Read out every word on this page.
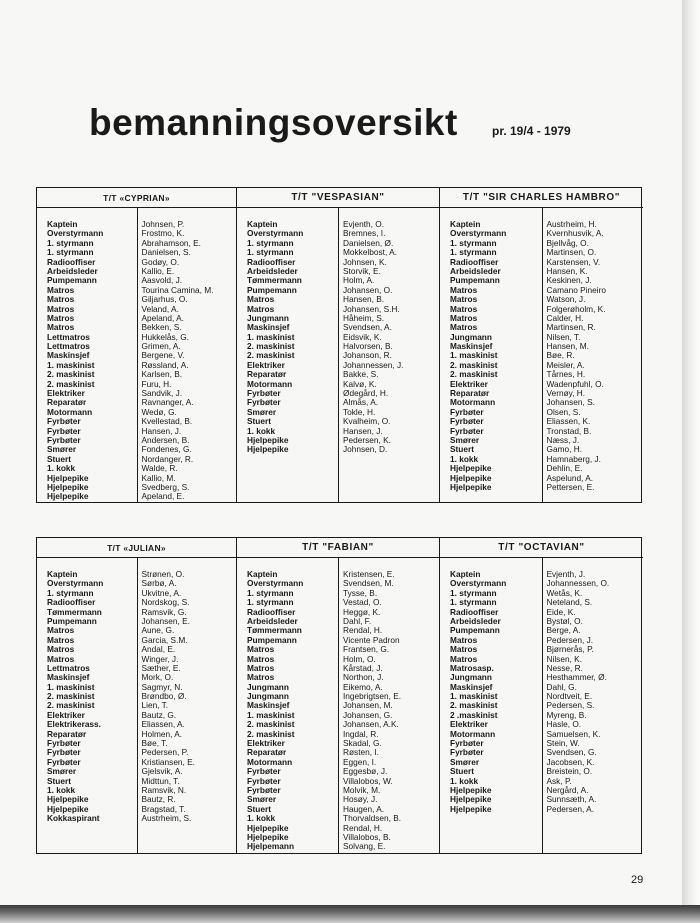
bemanningsoversikt	pr. 19/4 - 1979
T/T «CYPRIAN»
Kaptein
Overstyrmann
1. styrmann
1. styrmann
Radiooffiser
Arbeidsleder
Pumpemann
Matros
Matros
Matros
Matros
Matros
Lettmatros
Lettmatros
Maskinsjef
1. maskinist
2. maskinist
2. maskinist
Elektriker
Reparatør
Motormann
Fyrbøter
Fyrbøter
Fyrbøter
Smører
Stuert
1. kokk
Hjelpepike
Hjelpepike
Hjelpepike
Johnsen, P.
Frostmo, K.
Abrahamson, E.
Danielsen, S.
Godøy, O.
Kallio, E.
Aasvold, J.
Tourina Camina, M.
Giljarhus, O.
Veland, A.
Apeland, A.
Bekken, S.
Hukkelås, G.
Grimen, A.
Bergene, V.
Røssland, A.
Karlsen, B.
Furu, H.
Sandvik, J.
Ravnanger, A.
Wedø, G.
Kvellestad, B.
Hansen, J.
Andersen, B.
Fondenes, G.
Nordanger, R.
Walde, R.
Kallio, M.
Svedberg, S.
Apeland, E.
T/T "VESPASIAN"
Kaptein
Overstyrmann
1. styrmann
1. styrmann
Radiooffiser
Arbeidsleder
Tømmermann
Pumpemann
Matros
Matros
Jungmann
Maskinsjef
1. maskinist
2. maskinist
2. maskinist
Elektriker
Reparatør
Motormann
Fyrbøter
Fyrbøter
Smører
Stuert
1. kokk
Hjelpepike
Hjelpepike
Evjenth, O.
Bremnes, I.
Danielsen, Ø.
Mokkelbost, A.
Johnsen, K.
Storvik, E.
Holm, A.
Johansen, O.
Hansen, B.
Johansen, S.H.
Håheim, S.
Svendsen, A.
Eidsvik, K.
Halvorsen, B.
Johanson, R.
Johannessen, J.
Bakke, S.
Kalvø, K.
Ødegård, H.
Almås, A.
Tokle, H.
Kvalheim, O.
Hansen, J.
Pedersen, K.
Johnsen, D.
T/T "SIR CHARLES HAMBRO"
Kaptein
Overstyrmann
1. styrmann
1. styrmann
Radiooffiser
Arbeidsleder
Pumpemann
Matros
Matros
Matros
Matros
Matros
Jungmann
Maskinsjef
1. maskinist
2. maskinist
2. maskinist
Elektriker
Reparatør
Motormann
Fyrbøter
Fyrbøter
Fyrbøter
Smører
Stuert
1. kokk
Hjelpepike
Hjelpepike
Hjelpepike
Austrheim, H.
Kvernhusvik, A.
Bjellvåg, O.
Martinsen, O.
Karstensen, V.
Hansen, K.
Keskinen, J.
Camano Pineiro
Watson, J.
Folgerøholm, K.
Calder, H.
Martinsen, R.
Nilsen, T.
Hansen, M.
Bøe, R.
Meisler, A.
Tårnes, H.
Wadenpfuhl, O.
Vernøy, H.
Johansen, S.
Olsen, S.
Eliassen, K.
Tronstad, B.
Næss, J.
Gamo, H.
Hamnaberg, J.
Dehlin, E.
Aspelund, A.
Pettersen, E.
T/T «JULIAN»
Kaptein
Overstyrmann
1. styrmann
Radiooffiser
Tømmermann
Pumpemann
Matros
Matros
Matros
Matros
Lettmatros
Maskinsjef
1. maskinist
2. maskinist
2. maskinist
Elektriker
Elektrikerass.
Reparatør
Fyrbøter
Fyrbøter
Fyrbøter
Smører
Stuert
1. kokk
Hjelpepike
Hjelpepike
Kokkaspirant
Strønen, O.
Sørbø, A.
Ukvitne, A.
Nordskog, S.
Ramsvik, G.
Johansen, E.
Aune, G.
Garcia, S.M.
Andal, E.
Winger, J.
Sæther, E.
Mork, O.
Sagmyr, N.
Brøndbo, Ø.
Lien, T.
Bautz, G.
Eliassen, A.
Holmen, A.
Bøe, T.
Pedersen, P.
Kristiansen, E.
Gjelsvik, A.
Midttun, T.
Ramsvik, N.
Bautz, R.
Bragstad, T.
Austrheim, S.
T/T "FABIAN"
Kaptein
Overstyrmann
1. styrmann
1. styrmann
Radiooffiser
Arbeidsleder
Tømmermann
Pumpemann
Matros
Matros
Matros
Matros
Jungmann
Jungmann
Maskinsjef
1. maskinist
2. maskinist
2. maskinist
Elektriker
Reparatør
Motormann
Fyrbøter
Fyrbøter
Fyrbøter
Smører
Stuert
1. kokk
Hjelpepike
Hjelpepike
Hjelpemann
Kristensen, E.
Svendsen, M.
Tysse, B.
Vestad, O.
Heggø, K.
Dahl, F.
Rendal, H.
Vicente Padron
Frantsen, G.
Holm, O.
Kårstad, J.
Northon, J.
Eikemo, A.
Ingebrigtsen, E.
Johansen, M.
Johansen, G.
Johansen, A.K.
Ingdal, R.
Skadal, G.
Røsten, I.
Eggen, I.
Eggesbø, J.
Villalobos, W.
Molvik, M.
Hosøy, J.
Haugen, A.
Thorvaldsen, B.
Rendal, H.
Villalobos, B.
Solvang, E.
T/T "OCTAVIAN"
Kaptein
Overstyrmann
1. styrmann
1. styrmann
Radiooffiser
Arbeidsleder
Pumpemann
Matros
Matros
Matros
Matrosasp.
Jungmann
Maskinsjef
1. maskinist
2. maskinist
2 .maskinist
Elektriker
Motormann
Fyrbøter
Fyrbøter
Smører
Stuert
1. kokk
Hjelpepike
Hjelpepike
Hjelpepike
Evjenth, J.
Johannessen, O.
Wetås, K.
Neteland, S.
Eide, K.
Bystøl, O.
Berge, A.
Pedersen, J.
Bjørnerås, P.
Nilsen, K.
Nesse, R.
Hesthammer, Ø.
Dahl, G.
Nordtveit, E.
Pedersen, S.
Myreng, B.
Hasle, O.
Samuelsen, K.
Stein, W.
Svendsen, G.
Jacobsen, K.
Breistein, O.
Ask, P.
Nergård, A.
Sunnsæth, A.
Pedersen, A.
29
